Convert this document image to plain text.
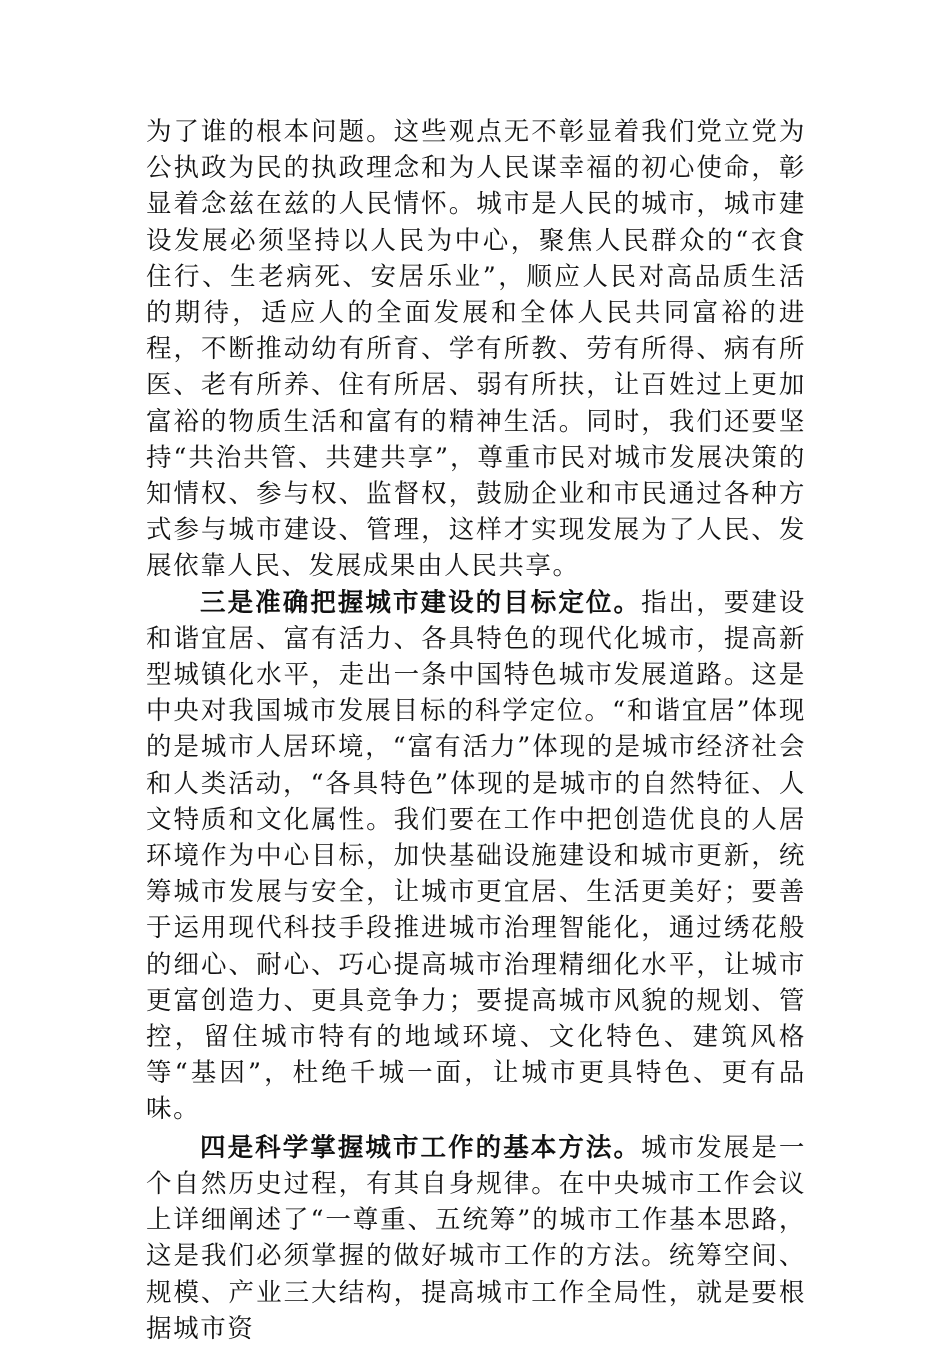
为了谁的根本问题。这些观点无不彰显着我们党立党为公执政为民的执政理念和为人民谋幸福的初心使命，彰显着念兹在兹的人民情怀。城市是人民的城市，城市建设发展必须坚持以人民为中心，聚焦人民群众的“衣食住行、生老病死、安居乐业”，顺应人民对高品质生活的期待，适应人的全面发展和全体人民共同富裕的进程，不断推动幼有所育、学有所教、劳有所得、病有所医、老有所养、住有所居、弱有所扶，让百姓过上更加富裕的物质生活和富有的精神生活。同时，我们还要坚持“共治共管、共建共享”，尊重市民对城市发展决策的知情权、参与权、监督权，鼓励企业和市民通过各种方式参与城市建设、管理，这样才实现发展为了人民、发展依靠人民、发展成果由人民共享。

三是准确把握城市建设的目标定位。指出，要建设和谐宜居、富有活力、各具特色的现代化城市，提高新型城镇化水平，走出一条中国特色城市发展道路。这是中央对我国城市发展目标的科学定位。“和谐宜居”体现的是城市人居环境，“富有活力”体现的是城市经济社会和人类活动，“各具特色”体现的是城市的自然特征、人文特质和文化属性。我们要在工作中把创造优良的人居环境作为中心目标，加快基础设施建设和城市更新，统筹城市发展与安全，让城市更宜居、生活更美好；要善于运用现代科技手段推进城市治理智能化，通过绣花般的细心、耐心、巧心提高城市治理精细化水平，让城市更富创造力、更具竞争力；要提高城市风貌的规划、管控，留住城市特有的地域环境、文化特色、建筑风格等“基因”，杜绝千城一面，让城市更具特色、更有品味。

四是科学掌握城市工作的基本方法。城市发展是一个自然历史过程，有其自身规律。在中央城市工作会议上详细阐述了“一尊重、五统筹”的城市工作基本思路，这是我们必须掌握的做好城市工作的方法。统筹空间、规模、产业三大结构，提高城市工作全局性，就是要根据城市资
